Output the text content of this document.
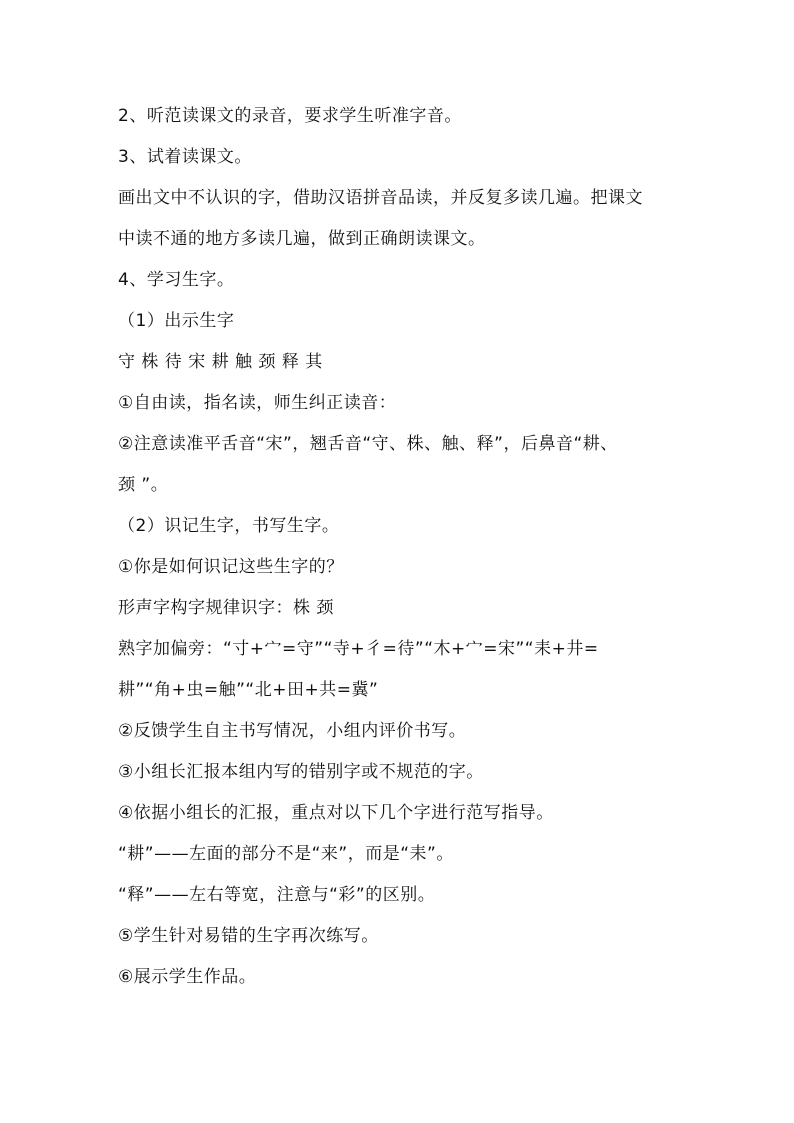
2、听范读课文的录音，要求学生听准字音。
3、试着读课文。
画出文中不认识的字，借助汉语拼音品读，并反复多读几遍。把课文
中读不通的地方多读几遍，做到正确朗读课文。
4、学习生字。
（1）出示生字
守 株 待 宋 耕 触 颈 释 其
①自由读，指名读，师生纠正读音：
②注意读准平舌音“宋”，翘舌音“守、株、触、释”，后鼻音“耕、
颈 ”。
（2）识记生字，书写生字。
①你是如何识记这些生字的？
形声字构字规律识字：株 颈
熟字加偏旁：“寸+宀=守”“寺+彳=待”“木+宀=宋”“耒+井=
耕”“角+虫=触”“北+田+共=冀”
②反馈学生自主书写情况，小组内评价书写。
③小组长汇报本组内写的错别字或不规范的字。
④依据小组长的汇报，重点对以下几个字进行范写指导。
“耕”——左面的部分不是“来”，而是“耒”。
“释”——左右等宽，注意与“彩”的区别。
⑤学生针对易错的生字再次练写。
⑥展示学生作品。
